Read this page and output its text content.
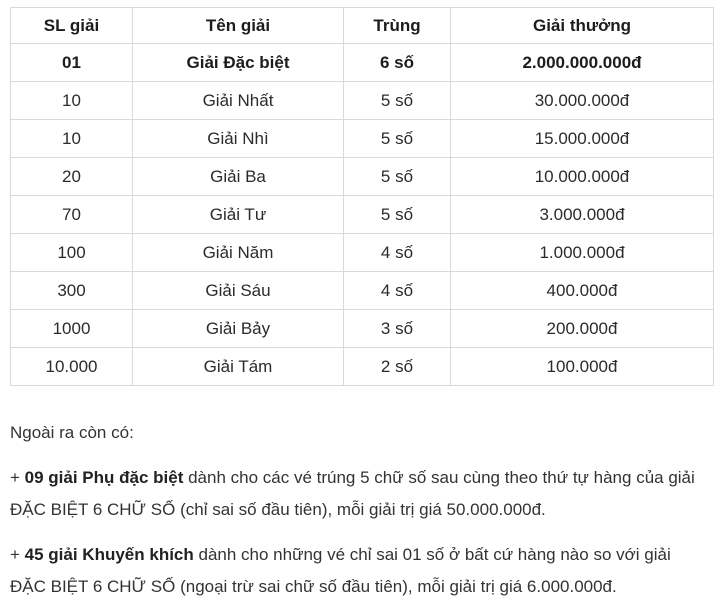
SL giải	Tên giải	Trùng	Giải thưởng
01	Giải Đặc biệt	6 số	2.000.000.000đ
10	Giải Nhất	5 số	30.000.000đ
10	Giải Nhì	5 số	15.000.000đ
20	Giải Ba	5 số	10.000.000đ
70	Giải Tư	5 số	3.000.000đ
100	Giải Năm	4 số	1.000.000đ
300	Giải Sáu	4 số	400.000đ
1000	Giải Bảy	3 số	200.000đ
10.000	Giải Tám	2 số	100.000đ

Ngoài ra còn có:

+ 09 giải Phụ đặc biệt dành cho các vé trúng 5 chữ số sau cùng theo thứ tự hàng của giải ĐẶC BIỆT 6 CHỮ SỐ (chỉ sai số đầu tiên), mỗi giải trị giá 50.000.000đ.

+ 45 giải Khuyến khích dành cho những vé chỉ sai 01 số ở bất cứ hàng nào so với giải ĐẶC BIỆT 6 CHỮ SỐ (ngoại trừ sai chữ số đầu tiên), mỗi giải trị giá 6.000.000đ.
